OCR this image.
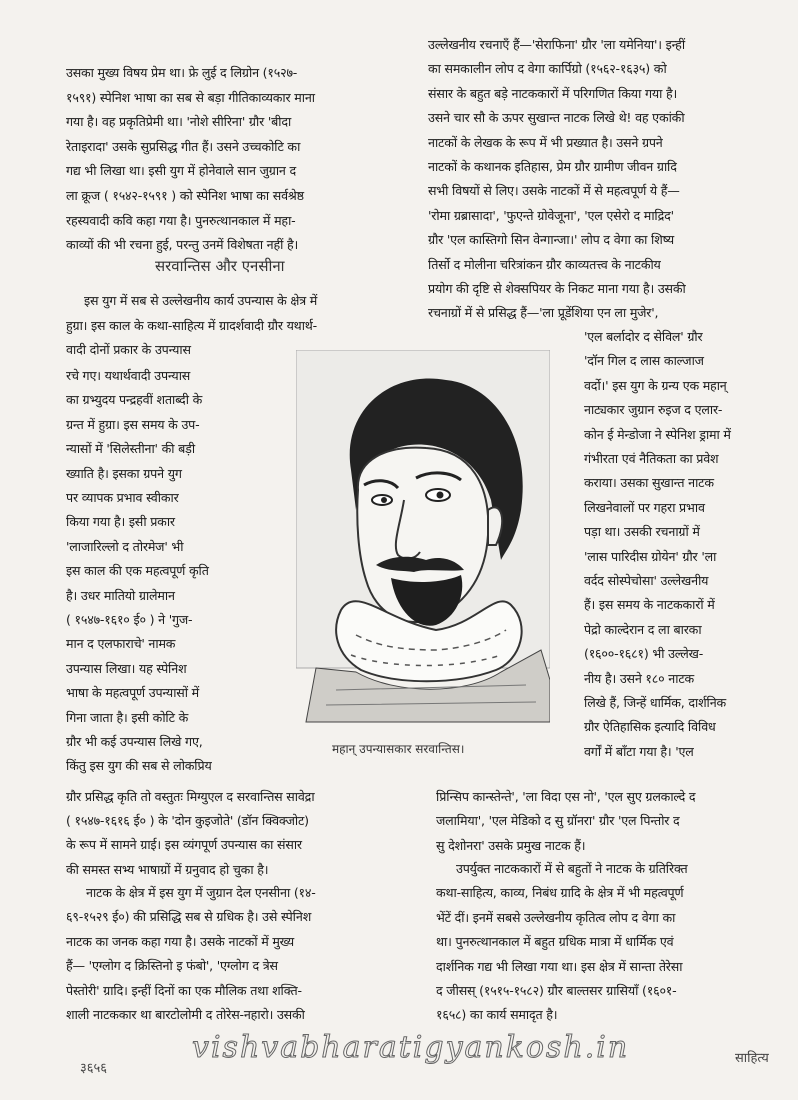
उसका मुख्य विषय प्रेम था। फ्रे लुई द लिग्रोन (१५२७-
१५९१) स्पेनिश भाषा का सब से बड़ा गीतिकाव्यकार माना
गया है। वह प्रकृतिप्रेमी था। 'नोशे सीरिना' ग्रौर 'बीदा
रेताइरादा' उसके सुप्रसिद्ध गीत हैं। उसने उच्चकोटि का
गद्य भी लिखा था। इसी युग में होनेवाले सान जुग्रान द
ला क्रूज ( १५४२-१५९१ ) को स्पेनिश भाषा का सर्वश्रेष्ठ
रहस्यवादी कवि कहा गया है। पुनरुत्थानकाल में महा-
काव्यों की भी रचना हुई, परन्तु उनमें विशेषता नहीं है।
सरवान्तिस और एनसीना
इस युग में सब से उल्लेखनीय कार्य उपन्यास के क्षेत्र में
हुग्रा। इस काल के कथा-साहित्य में ग्रादर्शवादी ग्रौर यथार्थ-
वादी दोनों प्रकार के उपन्यास
रचे गए। यथार्थवादी उपन्यास
का ग्रभ्युदय पन्द्रहवीं शताब्दी के
ग्रन्त में हुग्रा। इस समय के उप-
न्यासों में 'सिलेस्तीना' की बड़ी
ख्याति है। इसका ग्रपने युग
पर व्यापक प्रभाव स्वीकार
किया गया है। इसी प्रकार
'लाजारिल्लो द तोरमेज' भी
इस काल की एक महत्वपूर्ण कृति
है। उधर मातियो ग्रालेमान
( १५४७-१६१० ई० ) ने 'गुज-
मान द एलफाराचे' नामक
उपन्यास लिखा। यह स्पेनिश
भाषा के महत्वपूर्ण उपन्यासों में
गिना जाता है। इसी कोटि के
ग्रौर भी कई उपन्यास लिखे गए,
किंतु इस युग की सब से लोकप्रिय
ग्रौर प्रसिद्ध कृति तो वस्तुतः मिग्युएल द सरवान्तिस सावेद्रा
( १५४७-१६१६ ई० ) के 'दोन कुइजोते' (डॉन क्विक्जोट)
के रूप में सामने ग्राई। इस व्यंगपूर्ण उपन्यास का संसार
की समस्त सभ्य भाषाग्रों में ग्रनुवाद हो चुका है।
नाटक के क्षेत्र में इस युग में जुग्रान देल एनसीना (१४-
६९-१५२९ ई०) की प्रसिद्धि सब से ग्रधिक है। उसे स्पेनिश
नाटक का जनक कहा गया है। उसके नाटकों में मुख्य
हैं— 'एग्लोग द क्रिस्तिनो इ फंबो', 'एग्लोग द त्रेस
पेस्तोरी' ग्रादि। इन्हीं दिनों का एक मौलिक तथा शक्ति-
शाली नाटककार था बारटोलोमी द तोरेस-नहारो। उसकी
उल्लेखनीय रचनाएँ हैं—'सेराफिना' ग्रौर 'ला यमेनिया'। इन्हीं
का समकालीन लोप द वेगा कार्पिग्रो (१५६२-१६३५) को
संसार के बहुत बड़े नाटककारों में परिगणित किया गया है।
उसने चार सौ के ऊपर सुखान्त नाटक लिखे थे! वह एकांकी
नाटकों के लेखक के रूप में भी प्रख्यात है। उसने ग्रपने
नाटकों के कथानक इतिहास, प्रेम ग्रौर ग्रामीण जीवन ग्रादि
सभी विषयों से लिए। उसके नाटकों में से महत्वपूर्ण ये हैं—
'रोमा ग्रब्रासादा', 'फुएन्ते ग्रोवेजूना', 'एल एसेरो द माद्रिद'
ग्रौर 'एल कास्तिगो सिन वेन्गान्जा।' लोप द वेगा का शिष्य
तिर्सो द मोलीना चरित्रांकन ग्रौर काव्यतत्त्व के नाटकीय
प्रयोग की दृष्टि से शेक्सपियर के निकट माना गया है। उसकी
रचनाग्रों में से प्रसिद्ध हैं—'ला प्रूडेंशिया एन ला मुजेर',
'एल बर्लादोर द सेविल' ग्रौर
'दॉन गिल द लास काल्जाज
वर्दो।' इस युग के ग्रन्य एक महान्
नाट्यकार जुग्रान रुइज द एलार-
कोन ई मेन्डोजा ने स्पेनिश ड्रामा में
गंभीरता एवं नैतिकता का प्रवेश
कराया। उसका सुखान्त नाटक
लिखनेवालों पर गहरा प्रभाव
पड़ा था। उसकी रचनाग्रों में
'लास पारिदीस ग्रोयेन' ग्रौर 'ला
वर्दद सोस्पेचोसा' उल्लेखनीय
हैं। इस समय के नाटककारों में
पेद्रो काल्देरान द ला बारका
(१६००-१६८१) भी उल्लेख-
नीय है। उसने १८० नाटक
लिखे हैं, जिन्हें धार्मिक, दार्शनिक
ग्रौर ऐतिहासिक इत्यादि विविध
वर्गों में बाँटा गया है। 'एल
प्रिन्सिप कान्स्तेन्ते', 'ला विदा एस नो', 'एल सुए ग्रलकाल्दे द
जलामिया', 'एल मेडिको द सु ग्रॉनरा' ग्रौर 'एल पिन्तोर द
सु देशोनरा' उसके प्रमुख नाटक हैं।
उपर्युक्त नाटककारों में से बहुतों ने नाटक के ग्रतिरिक्त
कथा-साहित्य, काव्य, निबंध ग्रादि के क्षेत्र में भी महत्वपूर्ण
भेंटें दीं। इनमें सबसे उल्लेखनीय कृतित्व लोप द वेगा का
था। पुनरुत्थानकाल में बहुत ग्रधिक मात्रा में धार्मिक एवं
दार्शनिक गद्य भी लिखा गया था। इस क्षेत्र में सान्ता तेरेसा
द जीसस् (१५१५-१५८२) ग्रौर बाल्तसर ग्रासियाँ (१६०१-
१६५८) का कार्य समादृत है।
महान् उपन्यासकार सरवान्तिस।
vishvabharatigyankosh.in
३६५६
साहित्य
